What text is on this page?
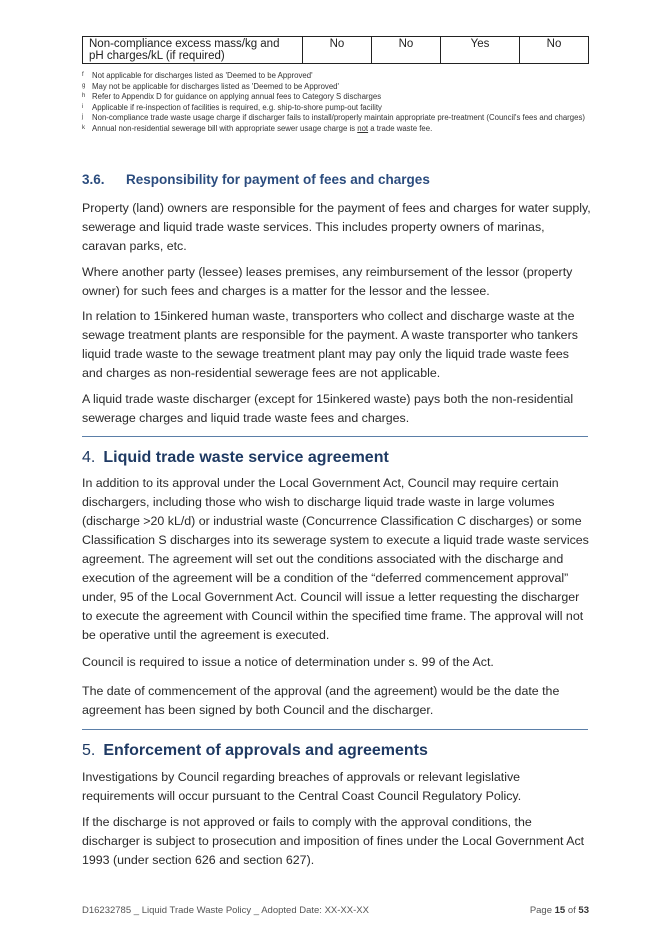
Non-compliance excess mass/kg and pH charges/kL (if required)	No	No	Yes	No
f	Not applicable for discharges listed as 'Deemed to be Approved'
g May not be applicable for discharges listed as 'Deemed to be Approved'
h Refer to Appendix D for guidance on applying annual fees to Category S discharges
i	Applicable if re-inspection of facilities is required, e.g. ship-to-shore pump-out facility
j	Non-compliance trade waste usage charge if discharger fails to install/properly maintain appropriate pre-treatment (Council's fees and charges)
k Annual non-residential sewerage bill with appropriate sewer usage charge is not a trade waste fee.
3.6. Responsibility for payment of fees and charges
Property (land) owners are responsible for the payment of fees and charges for water supply, sewerage and liquid trade waste services. This includes property owners of marinas, caravan parks, etc.
Where another party (lessee) leases premises, any reimbursement of the lessor (property owner) for such fees and charges is a matter for the lessor and the lessee.
In relation to 15inkered human waste, transporters who collect and discharge waste at the sewage treatment plants are responsible for the payment. A waste transporter who tankers liquid trade waste to the sewage treatment plant may pay only the liquid trade waste fees and charges as non-residential sewerage fees are not applicable.
A liquid trade waste discharger (except for 15inkered waste) pays both the non-residential sewerage charges and liquid trade waste fees and charges.
4. Liquid trade waste service agreement
In addition to its approval under the Local Government Act, Council may require certain dischargers, including those who wish to discharge liquid trade waste in large volumes (discharge >20 kL/d) or industrial waste (Concurrence Classification C discharges) or some Classification S discharges into its sewerage system to execute a liquid trade waste services agreement. The agreement will set out the conditions associated with the discharge and execution of the agreement will be a condition of the “deferred commencement approval” under, 95 of the Local Government Act. Council will issue a letter requesting the discharger to execute the agreement with Council within the specified time frame. The approval will not be operative until the agreement is executed.
Council is required to issue a notice of determination under s. 99 of the Act.
The date of commencement of the approval (and the agreement) would be the date the agreement has been signed by both Council and the discharger.
5. Enforcement of approvals and agreements
Investigations by Council regarding breaches of approvals or relevant legislative requirements will occur pursuant to the Central Coast Council Regulatory Policy.
If the discharge is not approved or fails to comply with the approval conditions, the discharger is subject to prosecution and imposition of fines under the Local Government Act 1993 (under section 626 and section 627).
D16232785 _ Liquid Trade Waste Policy _ Adopted Date: XX-XX-XX	Page 15 of 53
